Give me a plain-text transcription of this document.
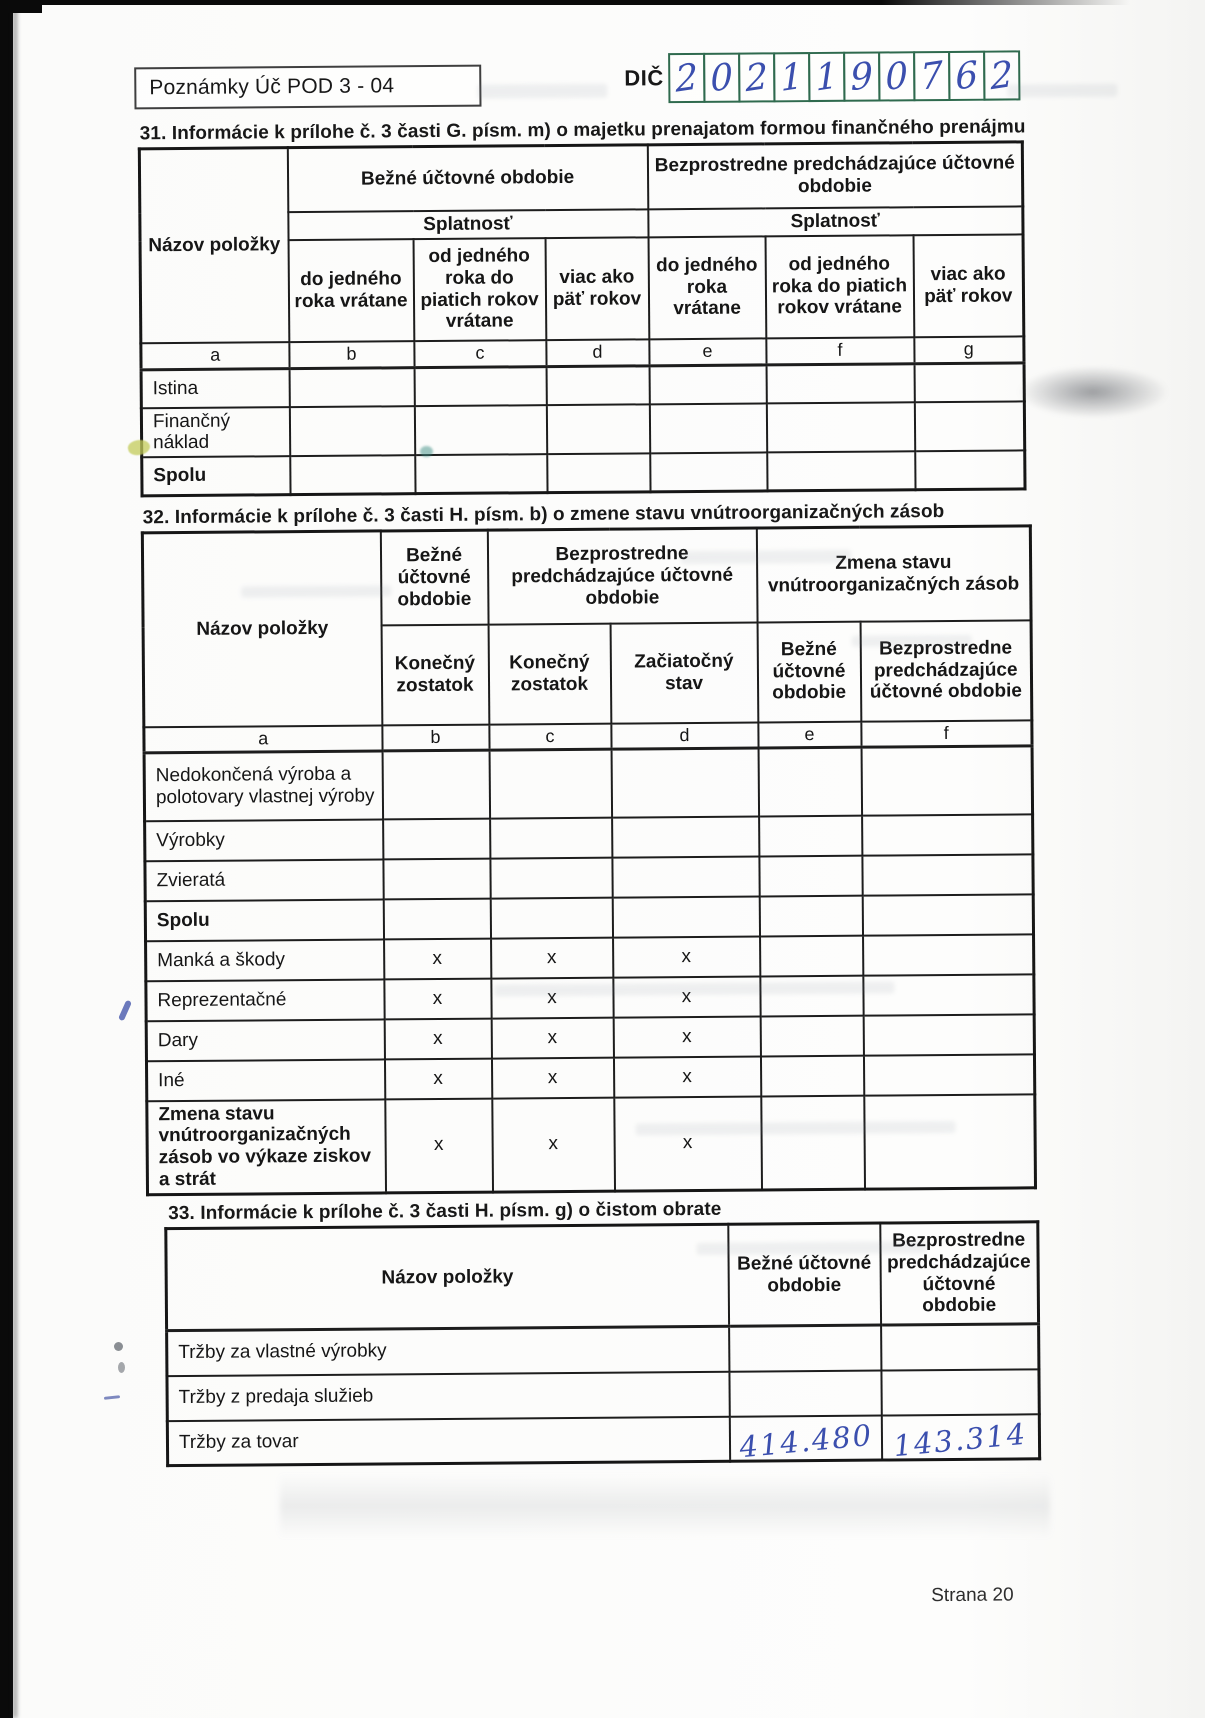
Poznámky Úč POD 3 - 04	DIČ 2 0 2 1 1 9 0 7 6 2
31. Informácie k prílohe č. 3 časti G. písm. m) o majetku prenajatom formou finančného prenájmu
Názov položky	Bežné účtovné obdobie			Bezprostredne predchádzajúce účtovné obdobie		
	Splatnosť			Splatnosť		
	do jedného roka vrátane	od jedného roka do piatich rokov vrátane	viac ako päť rokov	do jedného roka vrátane	od jedného roka do piatich rokov vrátane	viac ako päť rokov
a	b	c	d	e	f	g
Istina						
Finančný náklad						
Spolu						
32. Informácie k prílohe č. 3 časti H. písm. b) o zmene stavu vnútroorganizačných zásob
Názov položky	Bežné účtovné obdobie	Bezprostredne predchádzajúce účtovné obdobie		Zmena stavu vnútroorganizačných zásob	
	Konečný zostatok	Konečný zostatok	Začiatočný stav	Bežné účtovné obdobie	Bezprostredne predchádzajúce účtovné obdobie
a	b	c	d	e	f
Nedokončená výroba a polotovary vlastnej výroby					
Výrobky					
Zvieratá					
Spolu					
Manká a škody	x	x	x		
Reprezentačné	x	x	x		
Dary	x	x	x		
Iné	x	x	x		
Zmena stavu vnútroorganizačných zásob vo výkaze ziskov a strát	x	x	x		
33. Informácie k prílohe č. 3 časti H. písm. g) o čistom obrate
Názov položky	Bežné účtovné obdobie	Bezprostredne predchádzajúce účtovné obdobie
Tržby za vlastné výrobky		
Tržby z predaja služieb		
Tržby za tovar	414.480	143.314
Strana 20
